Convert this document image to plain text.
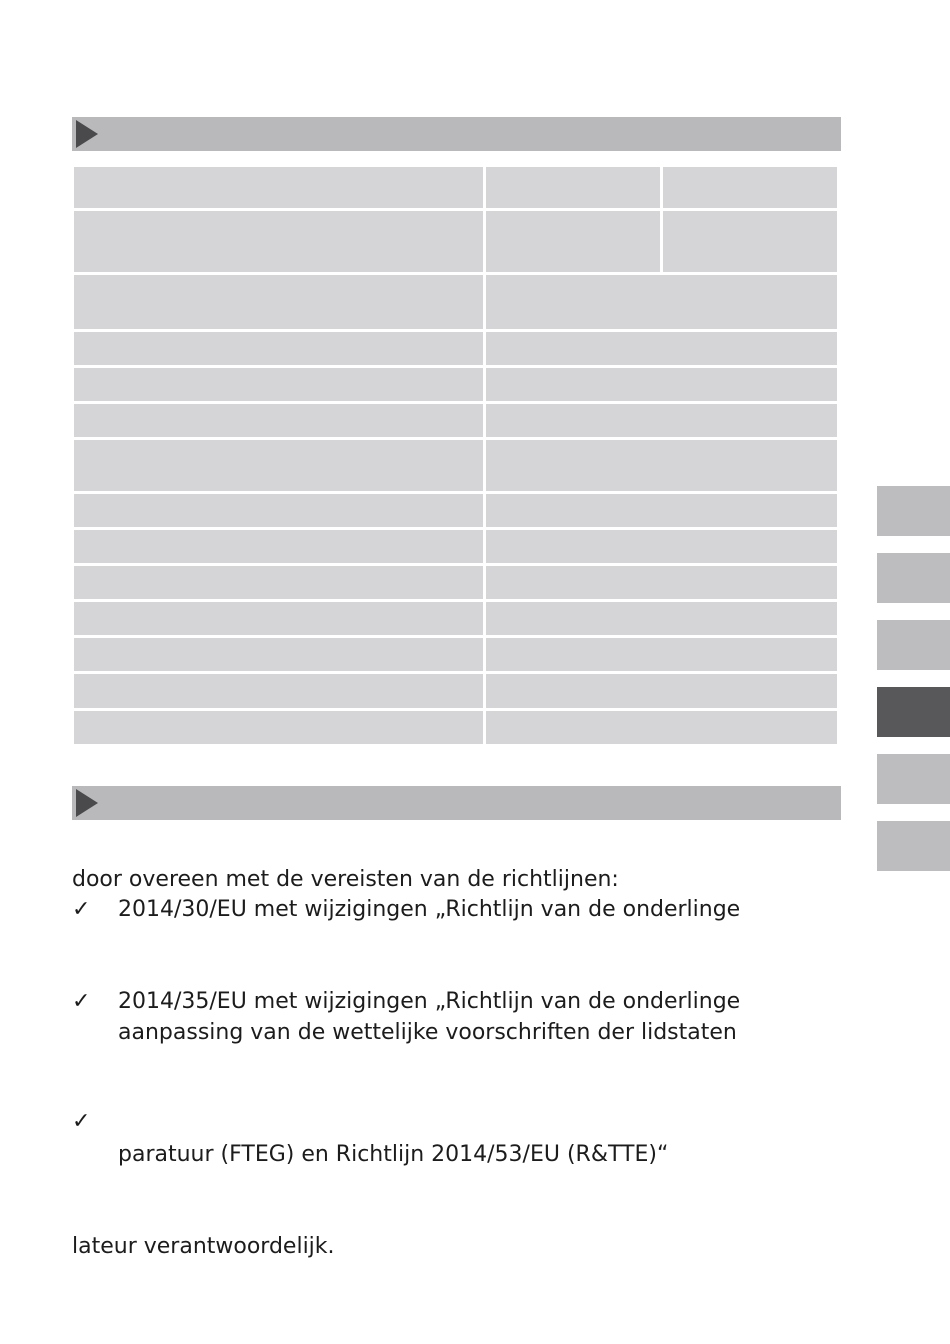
door overeen met de vereisten van de richtlijnen:
✓ 2014/30/EU met wijzigingen „Richtlijn van de onderlinge
✓ 2014/35/EU met wijzigingen „Richtlijn van de onderlinge
aanpassing van de wettelijke voorschriften der lidstaten
✓
paratuur (FTEG) en Richtlijn 2014/53/EU (R&TTE)“
lateur verantwoordelijk.
